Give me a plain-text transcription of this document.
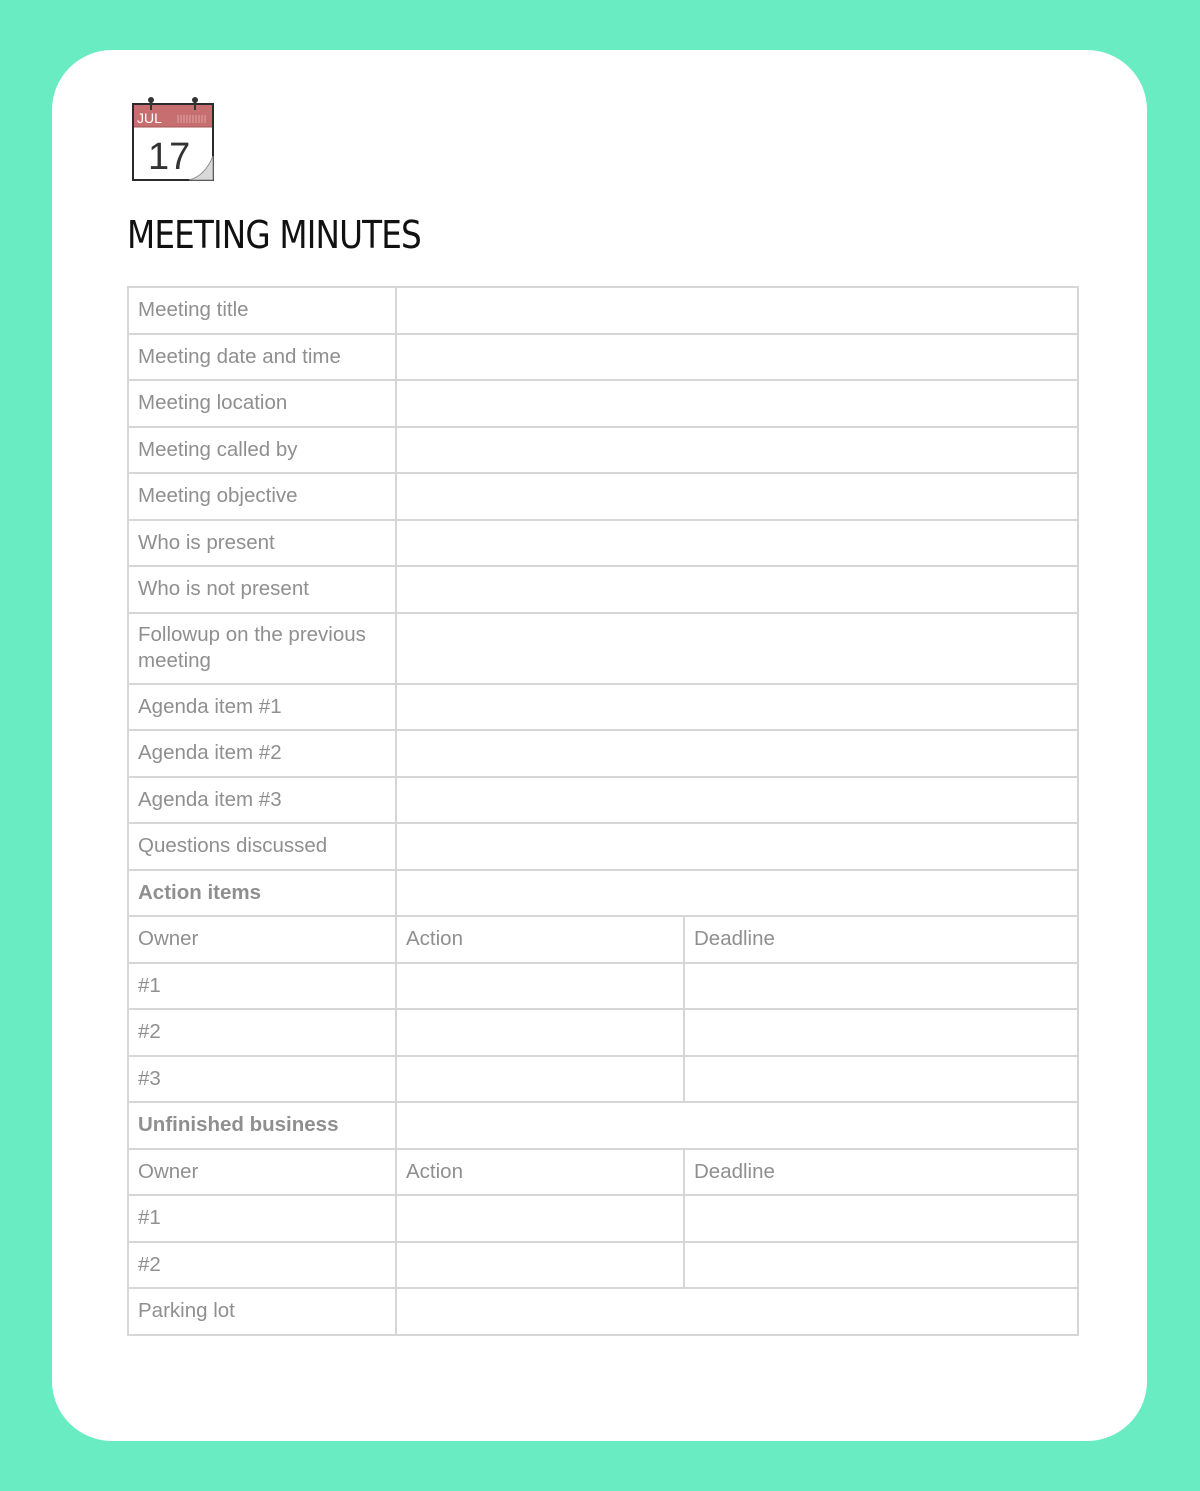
JUL
17
MEETING MINUTES
Meeting title		
Meeting date and time		
Meeting location		
Meeting called by		
Meeting objective		
Who is present		
Who is not present		
Followup on the previous meeting		
Agenda item #1		
Agenda item #2		
Agenda item #3		
Questions discussed		
Action items		
Owner	Action	Deadline
#1		
#2		
#3		
Unfinished business		
Owner	Action	Deadline
#1		
#2		
Parking lot		
